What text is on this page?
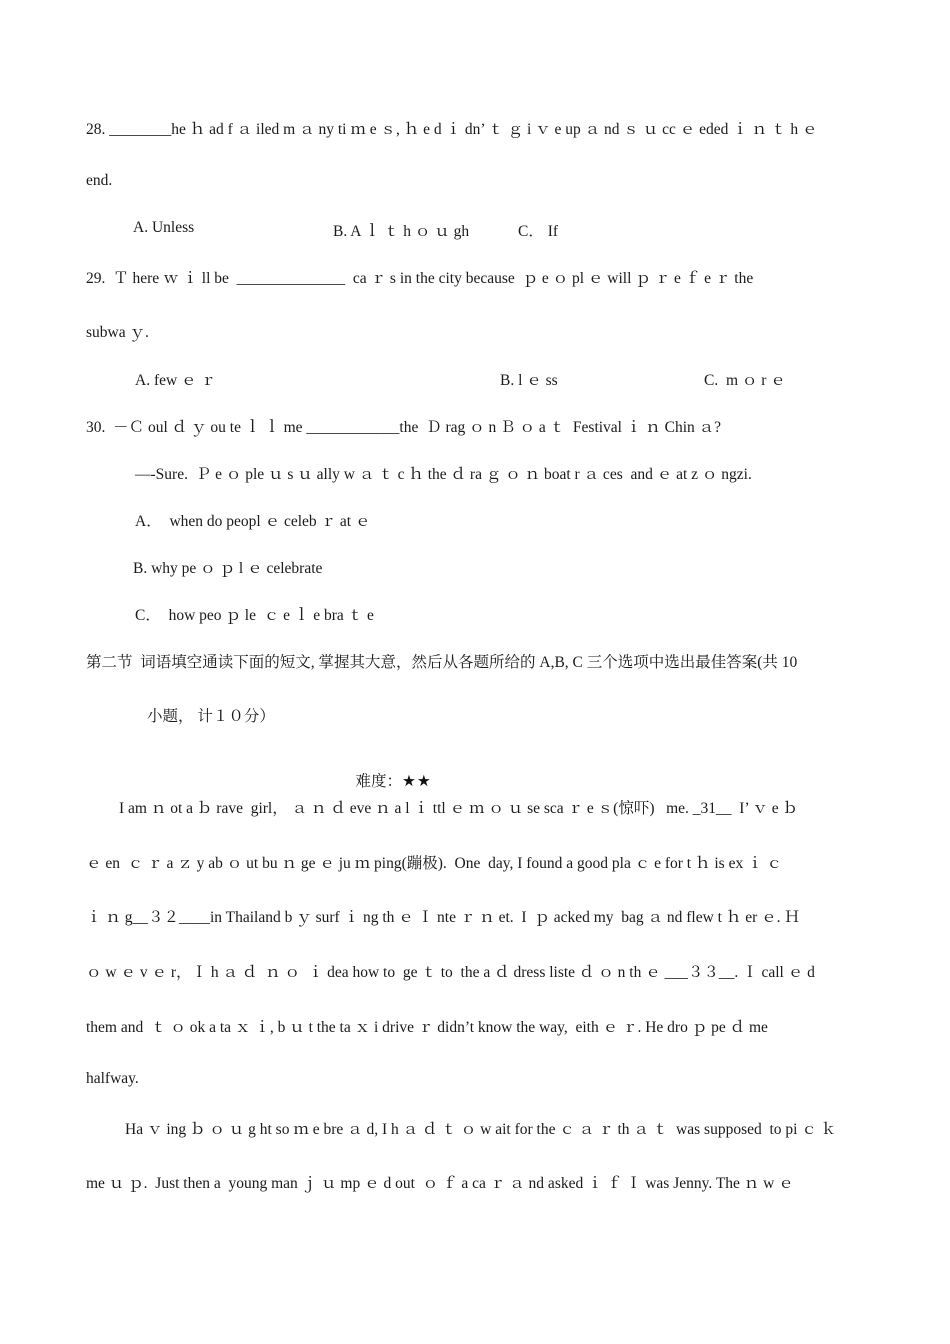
28. ________he ｈ ad f ａ iled m ａ ny ti ｍ e ｓ, ｈ e d ｉ dn’ ｔ ｇ i ｖ e up ａ nd ｓ ｕ cc ｅ eded ｉ ｎ ｔ h ｅ
end.
A. Unless	B. A ｌ ｔ h ｏ ｕ gh	C． If
29.  Ｔ here ｗ ｉ ll be  ______________  ca ｒ s in the city because  ｐ e ｏ pl ｅ will ｐ ｒ e ｆ e ｒ the
subwa ｙ.
A. few ｅ ｒ	B. l ｅ ss	C.  m ｏ r ｅ
30.  －Ｃ oul ｄ ｙ ou te ｌ ｌ me ____________the  Ｄ rag ｏ n Ｂ ｏ a ｔ  Festival ｉ ｎ Chin ａ?
—-Sure.  Ｐ e ｏ ple ｕ s ｕ ally w ａ ｔ c ｈ the ｄ ra ｇ ｏ ｎ boat r ａ ces  and ｅ at z ｏ ngzi.
A．  when do peopl ｅ celeb ｒ at ｅ
B. why pe ｏ ｐ l ｅ celebrate
C．  how peo ｐ le  ｃ e ｌ e bra ｔ e
第二节  词语填空通读下面的短文, 掌握其大意，然后从各题所给的 A,B, C 三个选项中选出最佳答案(共 10
小题， 计１０分）

难度：★★

I am ｎ ot a ｂ rave  girl， ａ ｎ ｄ eve ｎ a l ｉ ttl ｅ ｍ ｏ ｕ se sca ｒ e ｓ(惊吓)   me. _31__  I’ ｖ e ｂ
ｅ en  ｃ ｒ a ｚ y ab ｏ ut bu ｎ ge ｅ ju ｍ ping(蹦极).  One  day, I found a good pla ｃ e for t ｈ is ex ｉ ｃ
ｉ ｎ g__３２____in Thailand b ｙ surf ｉ ng th ｅ Ｉ nte ｒ ｎ et.  I  ｐ acked my  bag ａ nd flew t ｈ er ｅ. Ｈ
ｏ w ｅ v ｅ r，Ｉ h ａ ｄ  ｎ ｏ  ｉ dea how to  ge ｔ to  the a ｄ dress liste ｄ ｏ n th ｅ ___３３__. Ｉ call ｅ d
them and  ｔ ｏ ok a ta ｘ ｉ, b ｕ t the ta ｘ i drive ｒ didn’t know the way,  eith ｅ ｒ. He dro ｐ pe ｄ me
halfway.
Ha ｖ ing ｂ ｏ ｕ g ht so ｍ e bre ａ d, I h ａ ｄ ｔ ｏ w ait for the ｃ ａ ｒ th ａ ｔ  was supposed  to pi ｃ ｋ
me ｕ ｐ.  Just then a  young man ｊ ｕ mp ｅ d out  ｏ ｆ a ca ｒ ａ nd asked ｉ ｆ Ｉ was Jenny. The ｎ w ｅ
